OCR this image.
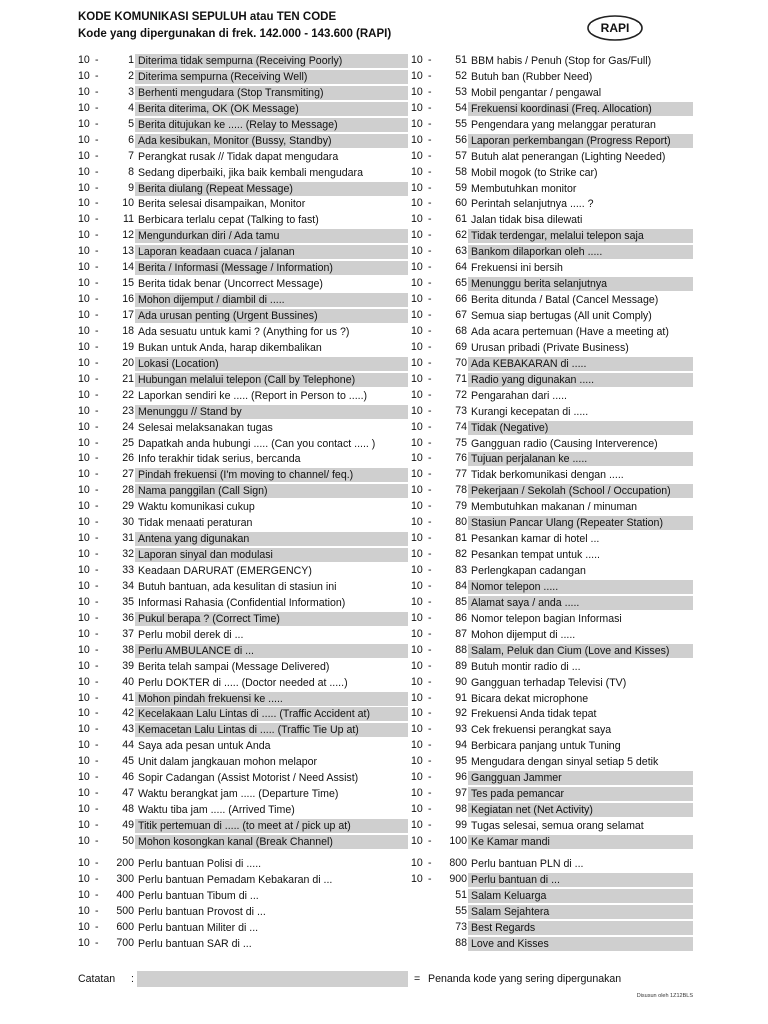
KODE KOMUNIKASI SEPULUH atau TEN CODE
Kode yang dipergunakan di frek. 142.000 - 143.600 (RAPI)	RAPI
10 -	1 Diterima tidak sempurna (Receiving Poorly)
10 -	2 Diterima sempurna (Receiving Well)
10 -	3 Berhenti mengudara (Stop Transmiting)
10 -	4 Berita diterima, OK (OK Message)
10 -	5 Berita ditujukan ke ..... (Relay to Message)
10 -	6 Ada kesibukan, Monitor (Bussy, Standby)
10 -	7 Perangkat rusak // Tidak dapat mengudara
10 -	8 Sedang diperbaiki, jika baik kembali mengudara
10 -	9 Berita diulang (Repeat Message)
10 -	10 Berita selesai disampaikan, Monitor
10 -	11 Berbicara terlalu cepat (Talking to fast)
10 -	12 Mengundurkan diri / Ada tamu
10 -	13 Laporan keadaan cuaca / jalanan
10 -	14 Berita / Informasi (Message / Information)
10 -	15 Berita tidak benar (Uncorrect Message)
10 -	16 Mohon dijemput / diambil di .....
10 -	17 Ada urusan penting (Urgent Bussines)
10 -	18 Ada sesuatu untuk kami ? (Anything for us ?)
10 -	19 Bukan untuk Anda, harap dikembalikan
10 -	20 Lokasi (Location)
10 -	21 Hubungan melalui telepon (Call by Telephone)
10 -	22 Laporkan sendiri ke ..... (Report in Person to .....)
10 -	23 Menunggu // Stand by
10 -	24 Selesai melaksanakan tugas
10 -	25 Dapatkah anda hubungi ..... (Can you contact ..... )
10 -	26 Info terakhir tidak serius, bercanda
10 -	27 Pindah frekuensi (I'm moving to channel/ feq.)
10 -	28 Nama panggilan (Call Sign)
10 -	29 Waktu komunikasi cukup
10 -	30 Tidak menaati peraturan
10 -	31 Antena yang digunakan
10 -	32 Laporan sinyal dan modulasi
10 -	33 Keadaan DARURAT (EMERGENCY)
10 -	34 Butuh bantuan, ada kesulitan di stasiun ini
10 -	35 Informasi Rahasia (Confidential Information)
10 -	36 Pukul berapa ? (Correct Time)
10 -	37 Perlu mobil derek di ...
10 -	38 Perlu AMBULANCE di ...
10 -	39 Berita telah sampai (Message Delivered)
10 -	40 Perlu DOKTER di ..... (Doctor needed at .....)
10 -	41 Mohon pindah frekuensi ke .....
10 -	42 Kecelakaan Lalu Lintas di ..... (Traffic Accident at)
10 -	43 Kemacetan Lalu Lintas di ..... (Traffic Tie Up at)
10 -	44 Saya ada pesan untuk Anda
10 -	45 Unit dalam jangkauan mohon melapor
10 -	46 Sopir Cadangan (Assist Motorist / Need Assist)
10 -	47 Waktu berangkat jam ..... (Departure Time)
10 -	48 Waktu tiba jam ..... (Arrived Time)
10 -	49 Titik pertemuan di ..... (to meet at / pick up at)
10 -	50 Mohon kosongkan kanal (Break Channel)
10 -	200 Perlu bantuan Polisi di .....
10 -	300 Perlu bantuan Pemadam Kebakaran di ...
10 -	400 Perlu bantuan Tibum di ...
10 -	500 Perlu bantuan Provost di ...
10 -	600 Perlu bantuan Militer di ...
10 -	700 Perlu bantuan SAR di ...
10 -	51 BBM habis / Penuh (Stop for Gas/Full)
10 -	52 Butuh ban (Rubber Need)
10 -	53 Mobil pengantar / pengawal
10 -	54 Frekuensi koordinasi (Freq. Allocation)
10 -	55 Pengendara yang melanggar peraturan
10 -	56 Laporan perkembangan (Progress Report)
10 -	57 Butuh alat penerangan (Lighting Needed)
10 -	58 Mobil mogok (to Strike car)
10 -	59 Membutuhkan monitor
10 -	60 Perintah selanjutnya ..... ?
10 -	61 Jalan tidak bisa dilewati
10 -	62 Tidak terdengar, melalui telepon saja
10 -	63 Bankom dilaporkan oleh .....
10 -	64 Frekuensi ini bersih
10 -	65 Menunggu berita selanjutnya
10 -	66 Berita ditunda / Batal (Cancel Message)
10 -	67 Semua siap bertugas (All unit Comply)
10 -	68 Ada acara pertemuan (Have a meeting at)
10 -	69 Urusan pribadi (Private Business)
10 -	70 Ada KEBAKARAN di .....
10 -	71 Radio yang digunakan .....
10 -	72 Pengarahan dari .....
10 -	73 Kurangi kecepatan di .....
10 -	74 Tidak (Negative)
10 -	75 Gangguan radio (Causing Interverence)
10 -	76 Tujuan perjalanan ke .....
10 -	77 Tidak berkomunikasi dengan .....
10 -	78 Pekerjaan / Sekolah (School / Occupation)
10 -	79 Membutuhkan makanan / minuman
10 -	80 Stasiun Pancar Ulang (Repeater Station)
10 -	81 Pesankan kamar di hotel ...
10 -	82 Pesankan tempat untuk .....
10 -	83 Perlengkapan cadangan
10 -	84 Nomor telepon .....
10 -	85 Alamat saya / anda .....
10 -	86 Nomor telepon bagian Informasi
10 -	87 Mohon dijemput di .....
10 -	88 Salam, Peluk dan Cium (Love and Kisses)
10 -	89 Butuh montir radio di ...
10 -	90 Gangguan terhadap Televisi (TV)
10 -	91 Bicara dekat microphone
10 -	92 Frekuensi Anda tidak tepat
10 -	93 Cek frekuensi perangkat saya
10 -	94 Berbicara panjang untuk Tuning
10 -	95 Mengudara dengan sinyal setiap 5 detik
10 -	96 Gangguan Jammer
10 -	97 Tes pada pemancar
10 -	98 Kegiatan net (Net Activity)
10 -	99 Tugas selesai, semua orang selamat
10 -	100 Ke Kamar mandi
10 -	800 Perlu bantuan PLN di ...
10 -	900 Perlu bantuan di ...
51 Salam Keluarga
55 Salam Sejahtera
73 Best Regards
88 Love and Kisses
Catatan :	= Penanda kode yang sering dipergunakan
Disusun oleh 1Z12BLS
